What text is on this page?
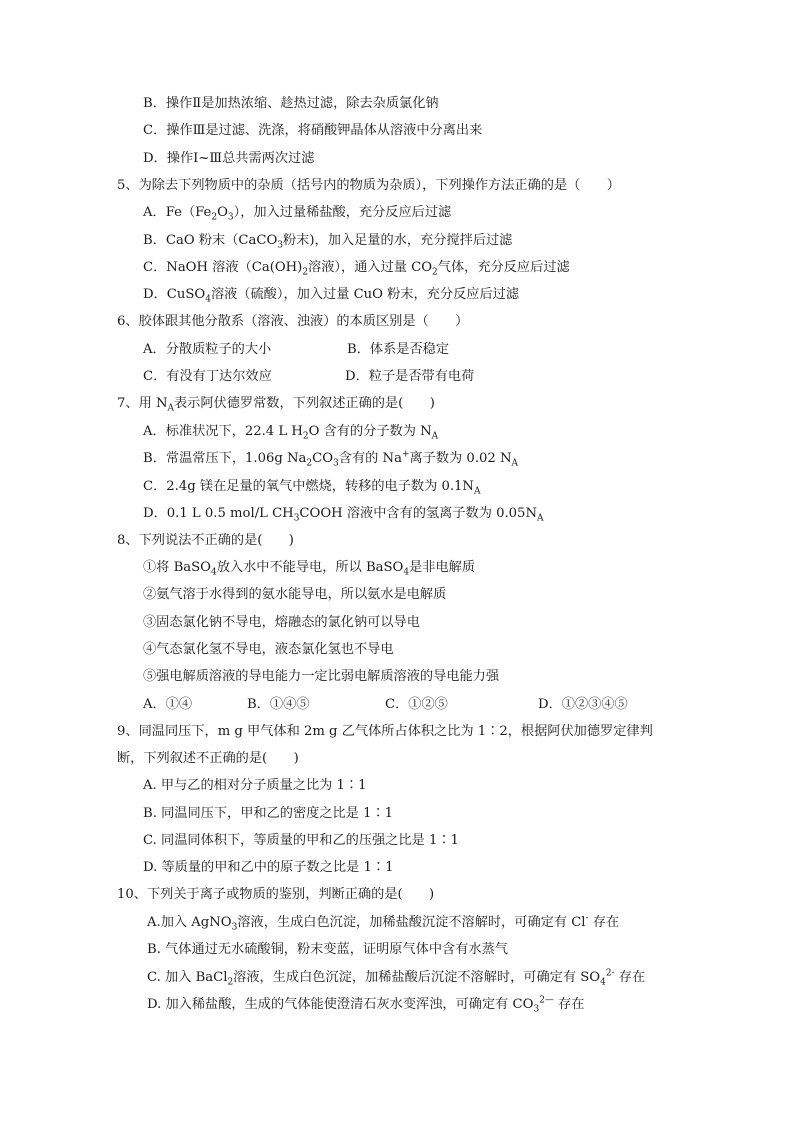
B．操作Ⅱ是加热浓缩、趁热过滤，除去杂质氯化钠
C．操作Ⅲ是过滤、洗涤，将硝酸钾晶体从溶液中分离出来
D．操作Ⅰ~Ⅲ总共需两次过滤
5、为除去下列物质中的杂质（括号内的物质为杂质），下列操作方法正确的是（　　）
A．$Fe(Fe_2O_3)$，加入过量稀盐酸，充分反应后过滤
B．CaO 粉末（CaCO$_3$粉末)，加入足量的水，充分搅拌后过滤
C．NaOH 溶液（$Ca(OH)_2$溶液），通入过量 $CO_2$气体，充分反应后过滤
D．CuSO$_4$溶液（硫酸），加入过量 CuO 粉末，充分反应后过滤
6、胶体跟其他分散系（溶液、浊液）的本质区别是（　　）
A．分散质粒子的大小	B．体系是否稳定
C．有没有丁达尔效应	D．粒子是否带有电荷
7、用 $N_A$表示阿伏德罗常数，下列叙述正确的是(　　)
A．标准状况下，22.4 L $H_2O$ 含有的分子数为 $N_A$
B．常温常压下，1.06g $Na_2CO_3$含有的 Na+离子数为 0.02 $N_A$
C．2.4g 镁在足量的氧气中燃烧，转移的电子数为 $0.1N_A$
D．0.1 L 0.5 mol/L $CH_3COOH$ 溶液中含有的氢离子数为 $0.05N_A$
8、下列说法不正确的是(　　)
①将 BaSO$_4$放入水中不能导电，所以 BaSO$_4$是非电解质
②氨气溶于水得到的氨水能导电，所以氨水是电解质
③固态氯化钠不导电，熔融态的氯化钠可以导电
④气态氯化氢不导电，液态氯化氢也不导电
⑤强电解质溶液的导电能力一定比弱电解质溶液的导电能力强
A．①④	B．①④⑤	C．①②⑤	D．①②③④⑤
9、同温同压下，m g 甲气体和 2m g 乙气体所占体积之比为 1∶2，根据阿伏加德罗定律判
断，下列叙述不正确的是(　　)
A. 甲与乙的相对分子质量之比为 1∶1
B. 同温同压下，甲和乙的密度之比是 1∶1
C. 同温同体积下，等质量的甲和乙的压强之比是 1∶1
D. 等质量的甲和乙中的原子数之比是 1∶1
10、下列关于离子或物质的鉴别，判断正确的是(　　)
A.加入 AgNO$_3$溶液，生成白色沉淀，加稀盐酸沉淀不溶解时，可确定有 Cl- 存在
B. 气体通过无水硫酸铜，粉末变蓝，证明原气体中含有水蒸气
C. 加入 BaCl$_2$溶液，生成白色沉淀，加稀盐酸后沉淀不溶解时，可确定有 $SO_4^{2-}$ 存在
D. 加入稀盐酸，生成的气体能使澄清石灰水变浑浊，可确定有 $CO_3^{2—}$ 存在
